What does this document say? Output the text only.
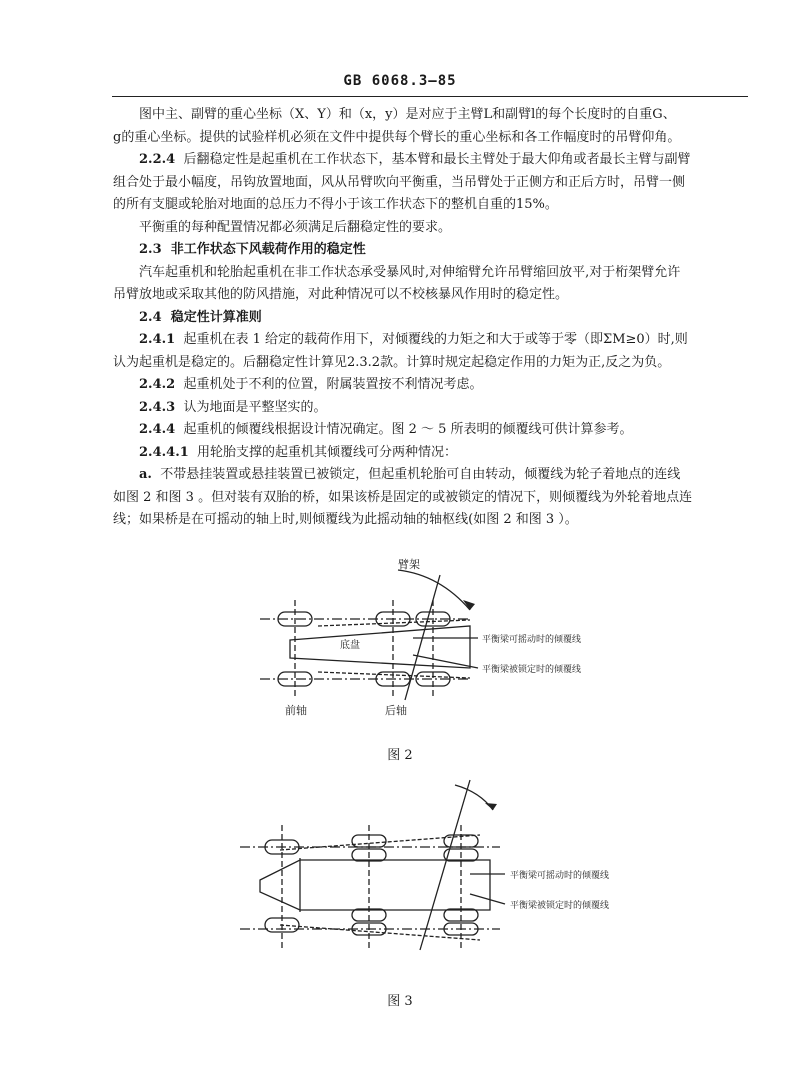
GB 6068.3—85

图中主、副臂的重心坐标（X、Y）和（x，y）是对应于主臂L和副臂l的每个长度时的自重G、

g的重心坐标。提供的试验样机必须在文件中提供每个臂长的重心坐标和各工作幅度时的吊臂仰角。

2.2.4 后翻稳定性是起重机在工作状态下，基本臂和最长主臂处于最大仰角或者最长主臂与副臂

组合处于最小幅度，吊钩放置地面，风从吊臂吹向平衡重，当吊臂处于正侧方和正后方时，吊臂一侧

的所有支腿或轮胎对地面的总压力不得小于该工作状态下的整机自重的15%。

平衡重的每种配置情况都必须满足后翻稳定性的要求。

2.3 非工作状态下风载荷作用的稳定性

汽车起重机和轮胎起重机在非工作状态承受暴风时,对伸缩臂允许吊臂缩回放平,对于桁架臂允许

吊臂放地或采取其他的防风措施，对此种情况可以不校核暴风作用时的稳定性。

2.4 稳定性计算准则

2.4.1 起重机在表 1 给定的载荷作用下，对倾覆线的力矩之和大于或等于零（即ΣM≥0）时,则

认为起重机是稳定的。后翻稳定性计算见2.3.2款。计算时规定起稳定作用的力矩为正,反之为负。

2.4.2 起重机处于不利的位置，附属装置按不利情况考虑。

2.4.3 认为地面是平整坚实的。

2.4.4 起重机的倾覆线根据设计情况确定。图 2 ～ 5 所表明的倾覆线可供计算参考。

2.4.4.1 用轮胎支撑的起重机其倾覆线可分两种情况：

a. 不带悬挂装置或悬挂装置已被锁定，但起重机轮胎可自由转动，倾覆线为轮子着地点的连线

如图 2 和图 3 。但对装有双胎的桥，如果该桥是固定的或被锁定的情况下，则倾覆线为外轮着地点连

线；如果桥是在可摇动的轴上时,则倾覆线为此摇动轴的轴枢线(如图 2 和图 3 ）。

臂架
底盘
前轴	后轴
平衡梁可摇动时的倾覆线
平衡梁被锁定时的倾覆线
图 2
平衡梁可摇动时的倾覆线
平衡梁被锁定时的倾覆线
图 3
